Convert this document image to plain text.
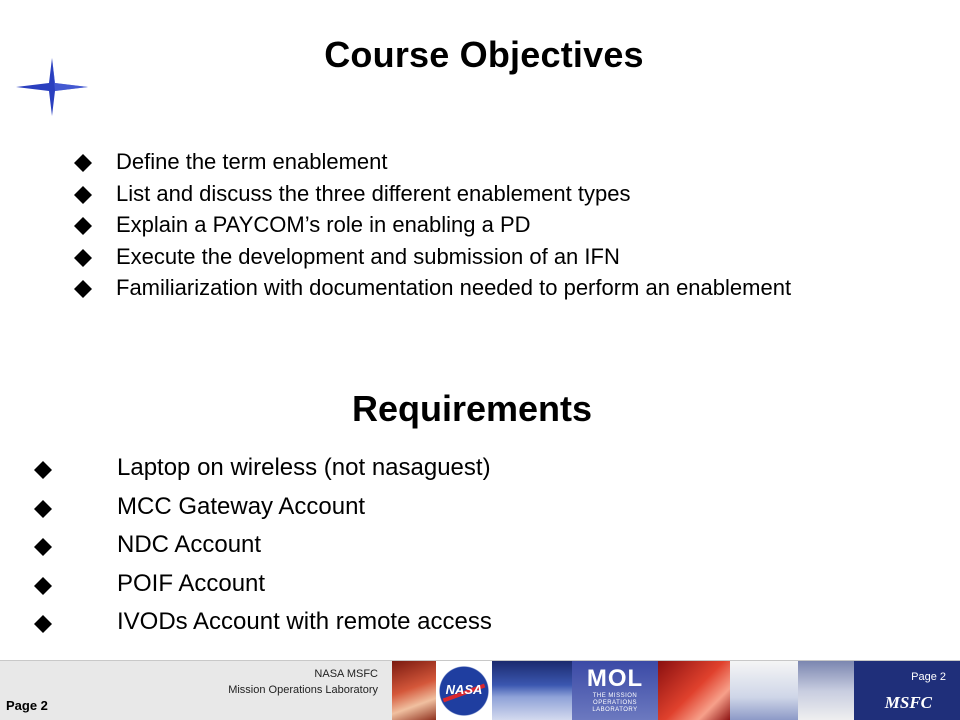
Course Objectives
Define the term enablement
List and discuss the three different enablement types
Explain a PAYCOM’s role in enabling a PD
Execute the development and submission of an IFN
Familiarization with documentation needed to perform an enablement
Requirements
Laptop on wireless (not nasaguest)
MCC Gateway Account
NDC Account
POIF Account
IVODs Account with remote access
Page 2
NASA MSFC
Mission Operations Laboratory	NASA	MOL
THE MISSION OPERATIONS LABORATORY
Page 2
MSFC
